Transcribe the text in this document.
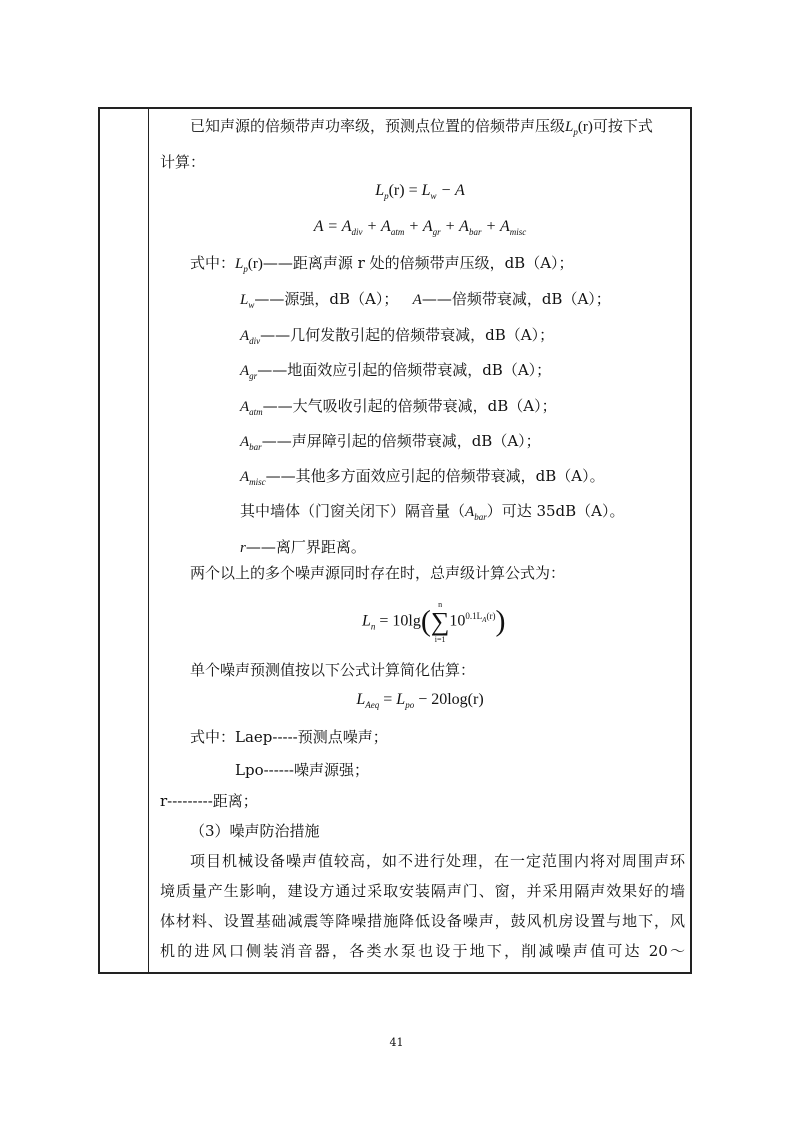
已知声源的倍频带声功率级，预测点位置的倍频带声压级$L_p(r)$可按下式
计算：
$L_p(r) = L_w - A$
$A = A_{div} + A_{atm} + A_{gr} + A_{bar} + A_{misc}$
式中：$L_p(r)——$距离声源 r 处的倍频带声压级，dB（A）；
$L_w——$源强，dB（A）； A——倍频带衰减，dB（A）；
$A_{div}——$几何发散引起的倍频带衰减，dB（A）；
$A_{gr}——$地面效应引起的倍频带衰减，dB（A）；
$A_{atm}——$大气吸收引起的倍频带衰减，dB（A）；
$A_{bar}——$声屏障引起的倍频带衰减，dB（A）；
$A_{misc}——$其他多方面效应引起的倍频带衰减，dB（A）。
其中墙体（门窗关闭下）隔音量$(A_{bar})$可达 35dB（A）。
r——离厂界距离。
两个以上的多个噪声源同时存在时，总声级计算公式为：
$L_n = 10\lg$(
n
∑
i=1
$10^{0.1L_A(r)}$)
单个噪声预测值按以下公式计算简化估算：
$L_{Aeq} = L_{po} - 20\log(r)$
式中：Laep-----预测点噪声；
Lpo------噪声源强；
r---------距离；
（3）噪声防治措施
项目机械设备噪声值较高，如不进行处理，在一定范围内将对周围声环
境质量产生影响，建设方通过采取安装隔声门、窗，并采用隔声效果好的墙
体材料、设置基础减震等降噪措施降低设备噪声，鼓风机房设置与地下，风
机的进风口侧装消音器，各类水泵也设于地下，削减噪声值可达 20～
41
